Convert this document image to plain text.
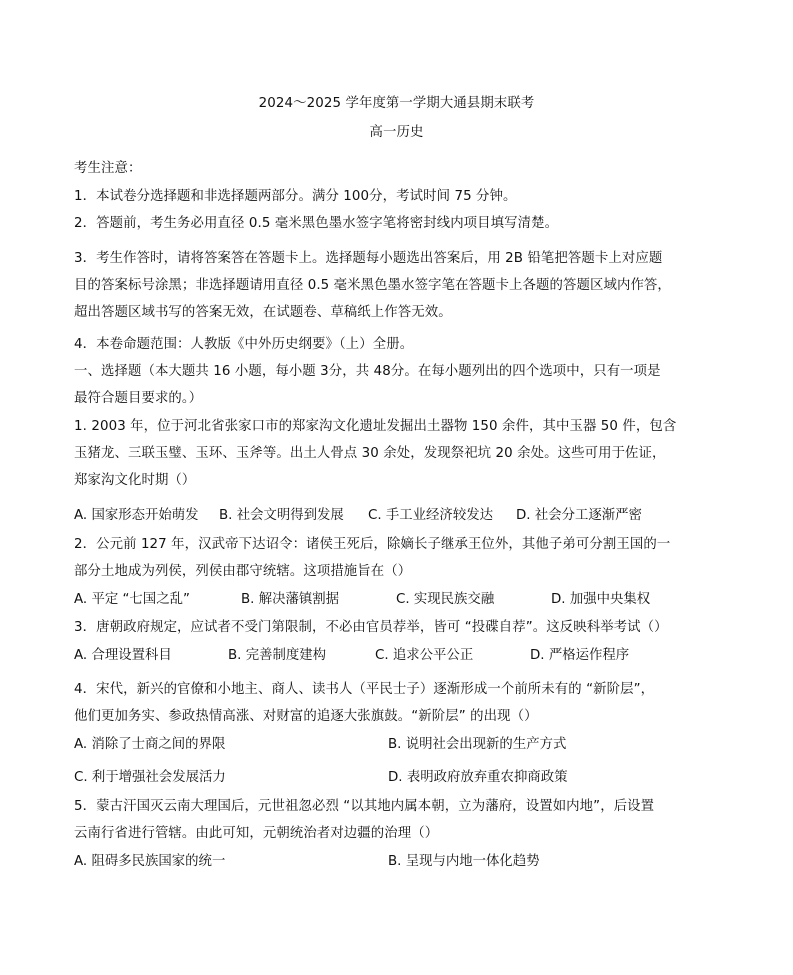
2024～2025 学年度第一学期大通县期末联考
高一历史
考生注意：
1．本试卷分选择题和非选择题两部分。满分 100分，考试时间 75 分钟。
2．答题前，考生务必用直径 0.5 毫米黑色墨水签字笔将密封线内项目填写清楚。
3．考生作答时，请将答案答在答题卡上。选择题每小题选出答案后，用 2B 铅笔把答题卡上对应题
目的答案标号涂黑；非选择题请用直径 0.5 毫米黑色墨水签字笔在答题卡上各题的答题区域内作答，
超出答题区域书写的答案无效，在试题卷、草稿纸上作答无效。
4．本卷命题范围：人教版《中外历史纲要》（上）全册。
一、选择题（本大题共 16 小题，每小题 3分，共 48分。在每小题列出的四个选项中，只有一项是
最符合题目要求的。）
1. 2003 年，位于河北省张家口市的郑家沟文化遗址发掘出土器物 150 余件，其中玉器 50 件，包含
玉猪龙、三联玉璧、玉环、玉斧等。出土人骨点 30 余处，发现祭祀坑 20 余处。这些可用于佐证，
郑家沟文化时期（）
A. 国家形态开始萌发 B. 社会文明得到发展 C. 手工业经济较发达 D. 社会分工逐渐严密
2．公元前 127 年，汉武帝下达诏令：诸侯王死后，除嫡长子继承王位外，其他子弟可分割王国的一
部分土地成为列侯，列侯由郡守统辖。这项措施旨在（）
A. 平定 “七国之乱”	B. 解决藩镇割据	C. 实现民族交融	D. 加强中央集权
3．唐朝政府规定，应试者不受门第限制，不必由官员荐举，皆可 “投碟自荐”。这反映科举考试（）
A. 合理设置科目	B. 完善制度建构	C. 追求公平公正	D. 严格运作程序
4．宋代，新兴的官僚和小地主、商人、读书人（平民士子）逐渐形成一个前所未有的 “新阶层”，
他们更加务实、参政热情高涨、对财富的追逐大张旗鼓。“新阶层” 的出现（）
A. 消除了士商之间的界限	B. 说明社会出现新的生产方式
C. 利于增强社会发展活力	D. 表明政府放弃重农抑商政策
5．蒙古汗国灭云南大理国后，元世祖忽必烈 “以其地内属本朝，立为藩府，设置如内地”，后设置
云南行省进行管辖。由此可知，元朝统治者对边疆的治理（）
A. 阻碍多民族国家的统一	B. 呈现与内地一体化趋势
